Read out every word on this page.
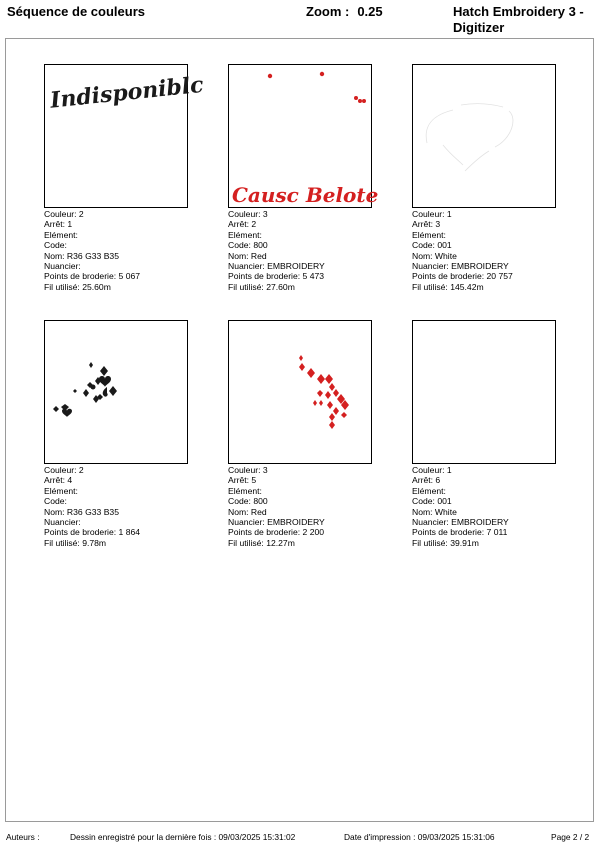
Séquence de couleurs	Zoom : 0.25	Hatch Embroidery 3 -
Digitizer
Indisponiblc
Couleur: 2
Arrêt: 1
Elément:
Code:
Nom: R36 G33 B35
Nuancier:
Points de broderie: 5 067
Fil utilisé: 25.60m
Causc Belote
Couleur: 3
Arrêt: 2
Elément:
Code: 800
Nom: Red
Nuancier: EMBROIDERY
Points de broderie: 5 473
Fil utilisé: 27.60m
Couleur: 1
Arrêt: 3
Elément:
Code: 001
Nom: White
Nuancier: EMBROIDERY
Points de broderie: 20 757
Fil utilisé: 145.42m
Couleur: 2
Arrêt: 4
Elément:
Code:
Nom: R36 G33 B35
Nuancier:
Points de broderie: 1 864
Fil utilisé: 9.78m
Couleur: 3
Arrêt: 5
Elément:
Code: 800
Nom: Red
Nuancier: EMBROIDERY
Points de broderie: 2 200
Fil utilisé: 12.27m
Couleur: 1
Arrêt: 6
Elément:
Code: 001
Nom: White
Nuancier: EMBROIDERY
Points de broderie: 7 011
Fil utilisé: 39.91m
Auteurs :	Dessin enregistré pour la dernière fois : 09/03/2025 15:31:02	Date d'impression : 09/03/2025 15:31:06	Page 2 / 2
